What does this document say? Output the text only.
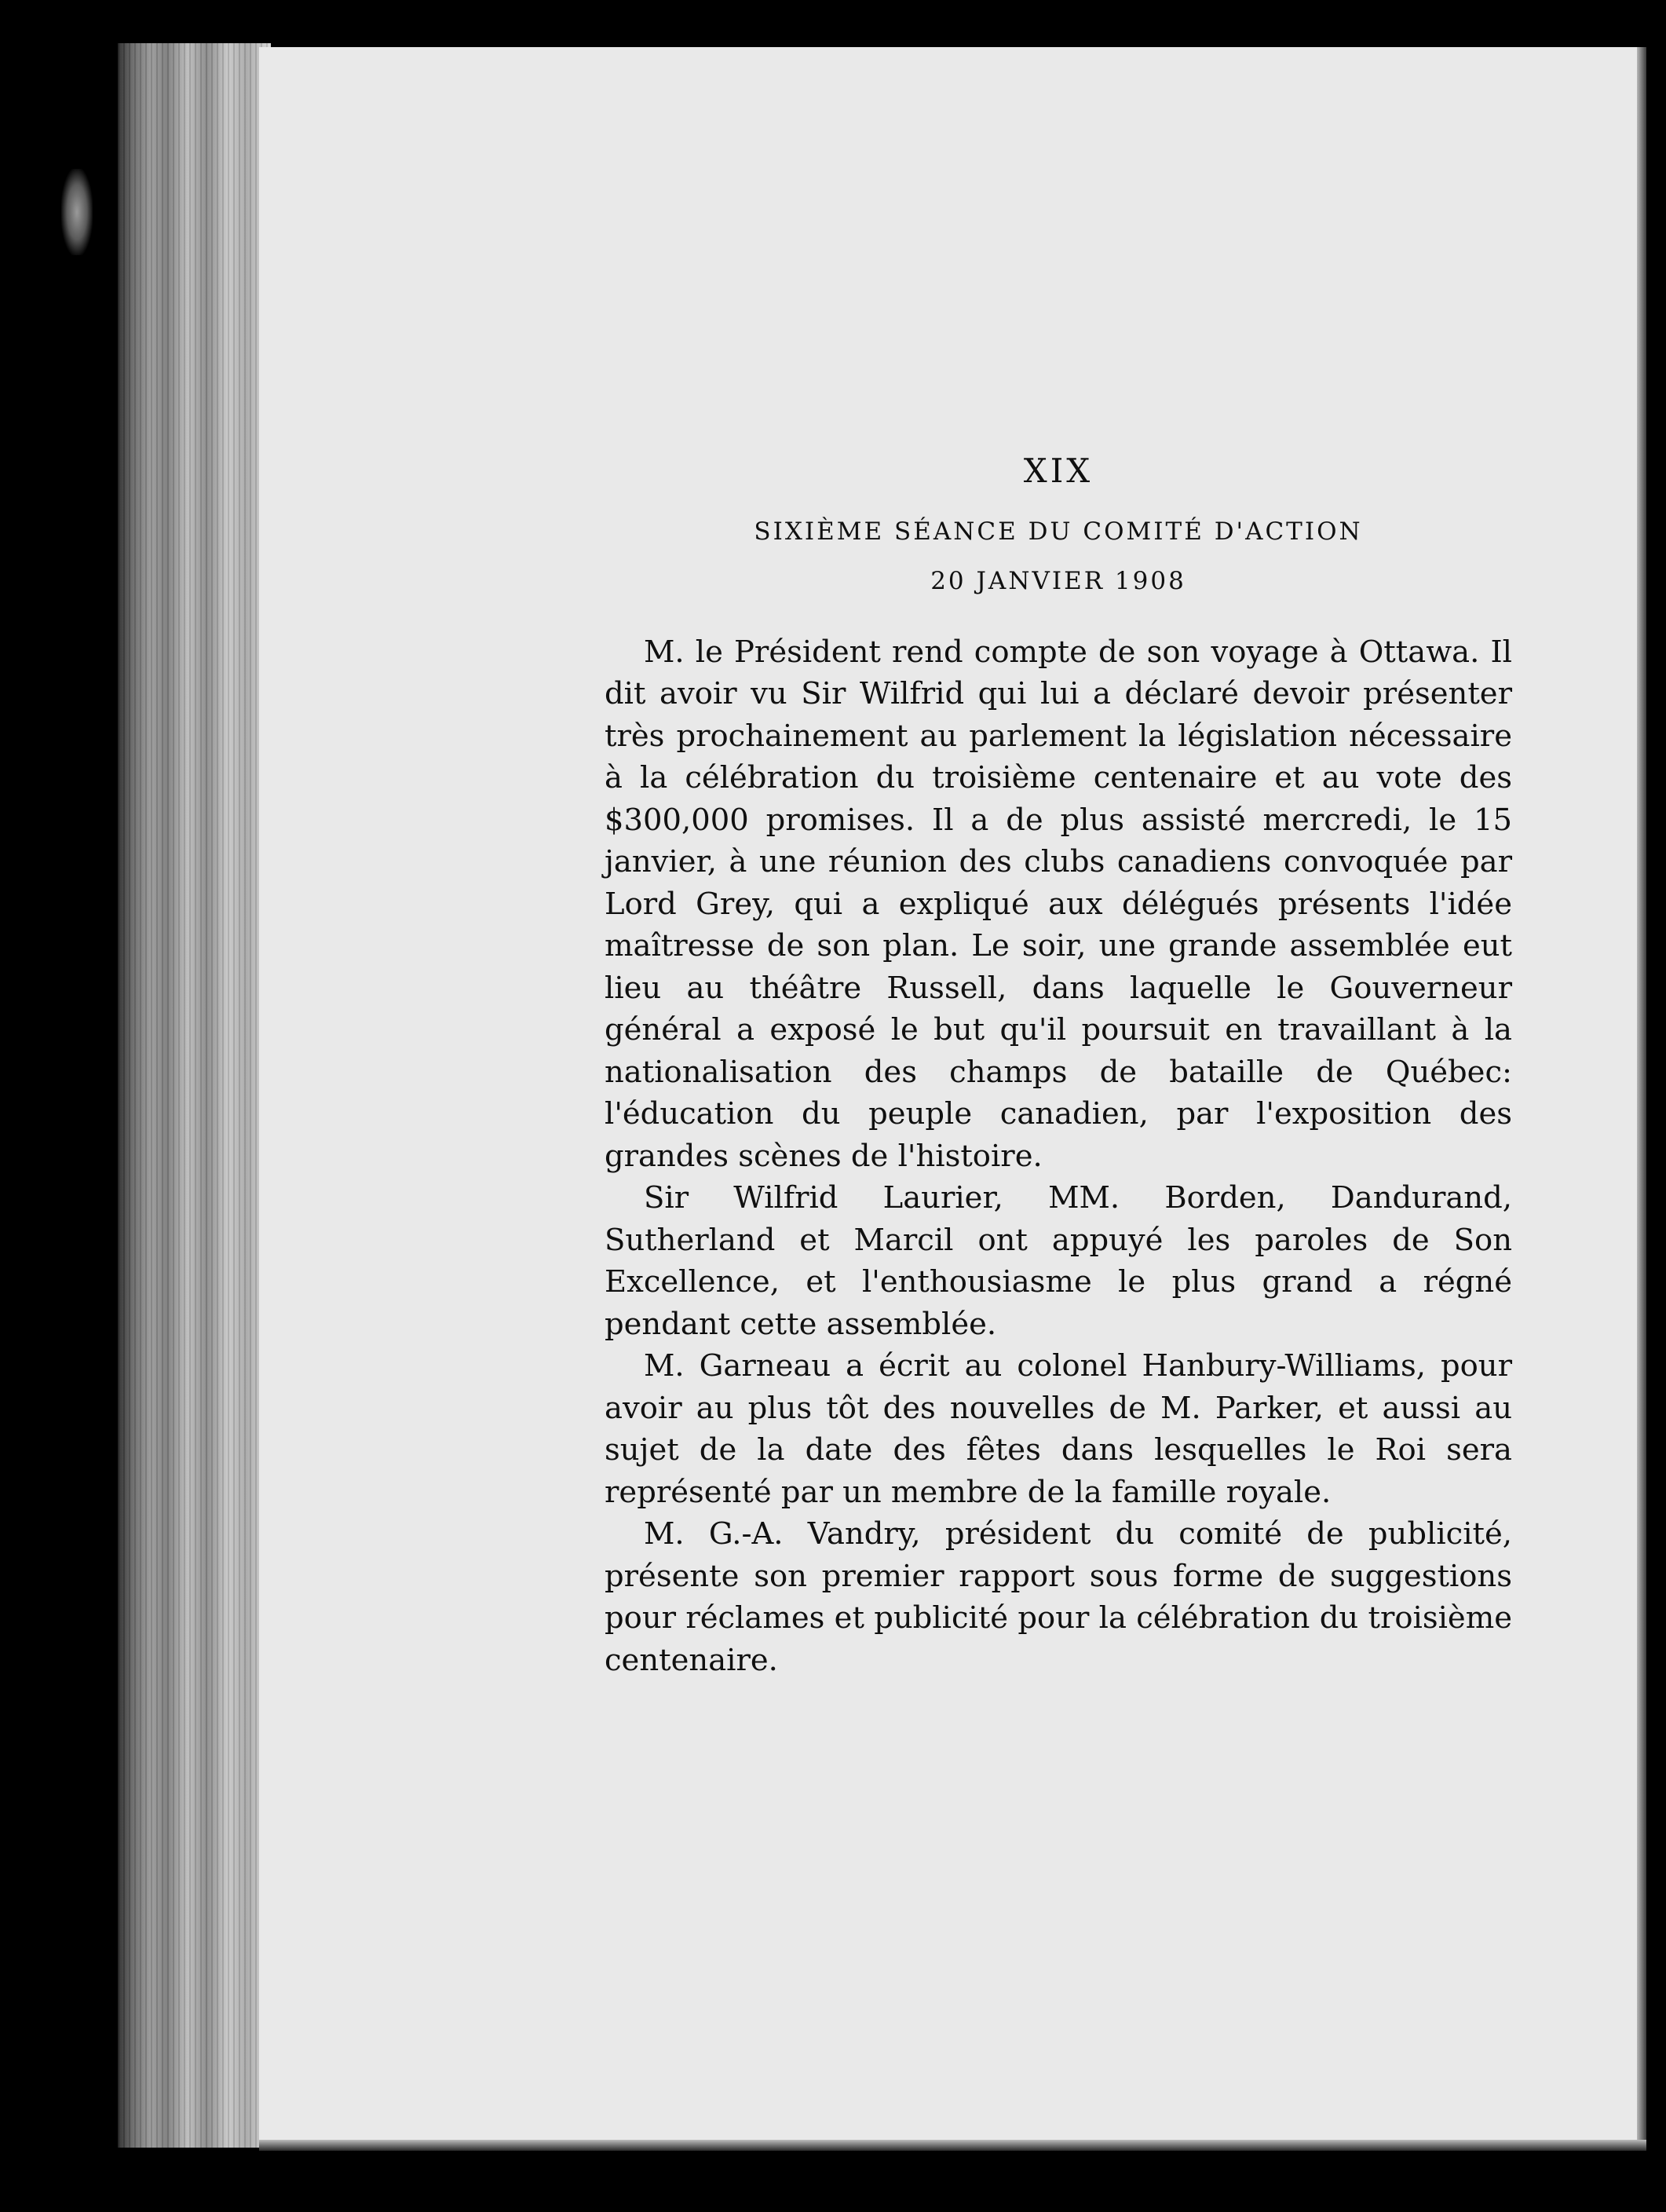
XIX
SIXIÈME SÉANCE DU COMITÉ D'ACTION
20 JANVIER 1908

M. le Président rend compte de son voyage à Ottawa. Il dit avoir vu Sir Wilfrid qui lui a déclaré devoir présenter très prochainement au parlement la législation nécessaire à la célébration du troisième centenaire et au vote des $300,000 promises. Il a de plus assisté mercredi, le 15 janvier, à une réunion des clubs canadiens convoquée par Lord Grey, qui a expliqué aux délégués présents l'idée maîtresse de son plan. Le soir, une grande assemblée eut lieu au théâtre Russell, dans laquelle le Gouverneur général a exposé le but qu'il poursuit en travaillant à la nationalisation des champs de bataille de Québec: l'éducation du peuple canadien, par l'exposition des grandes scènes de l'histoire.

Sir Wilfrid Laurier, MM. Borden, Dandurand, Sutherland et Marcil ont appuyé les paroles de Son Excellence, et l'enthousiasme le plus grand a régné pendant cette assemblée.

M. Garneau a écrit au colonel Hanbury-Williams, pour avoir au plus tôt des nouvelles de M. Parker, et aussi au sujet de la date des fêtes dans lesquelles le Roi sera représenté par un membre de la famille royale.

M. G.-A. Vandry, président du comité de publicité, présente son premier rapport sous forme de suggestions pour réclames et publicité pour la célébration du troisième centenaire.
